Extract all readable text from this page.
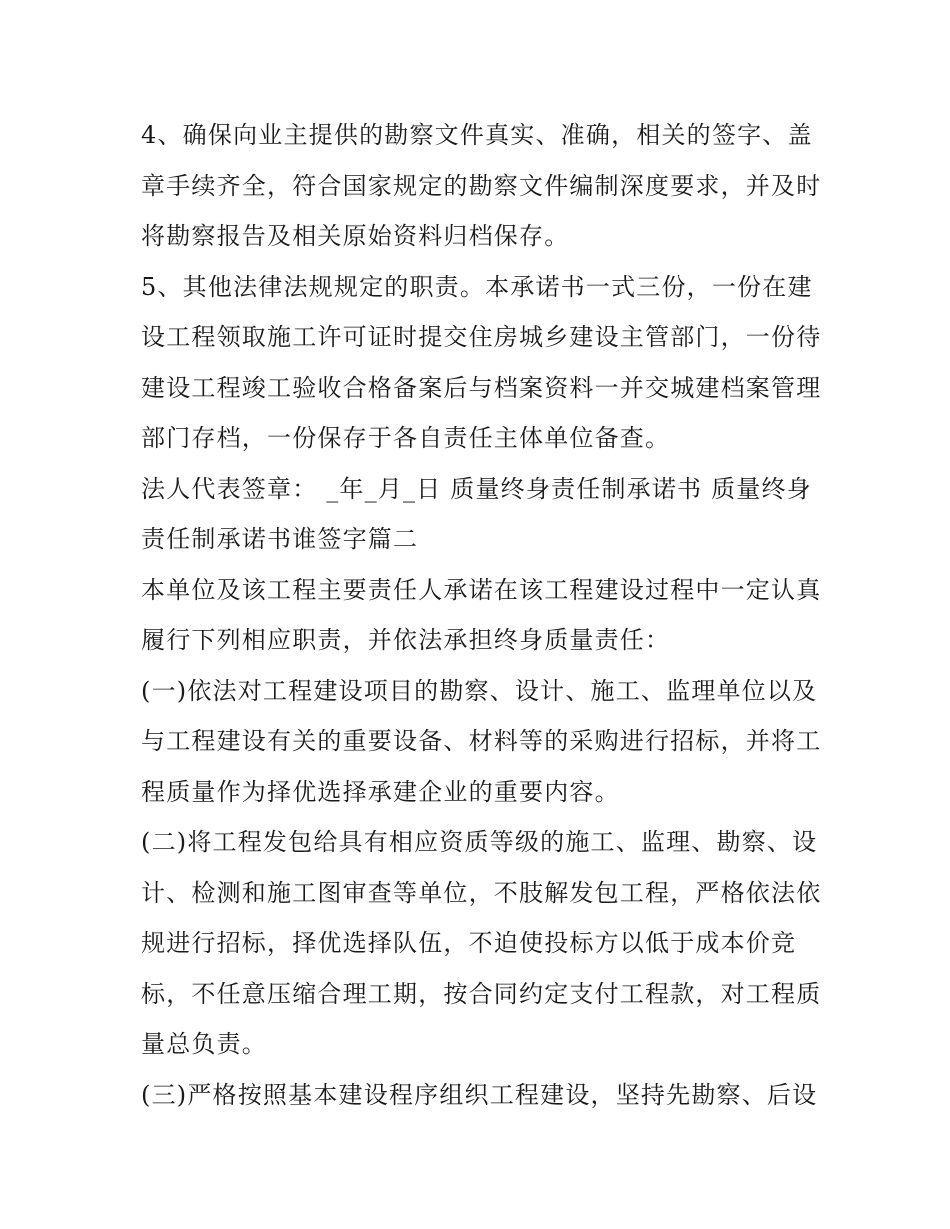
4、确保向业主提供的勘察文件真实、准确，相关的签字、盖
章手续齐全，符合国家规定的勘察文件编制深度要求，并及时
将勘察报告及相关原始资料归档保存。
5、其他法律法规规定的职责。本承诺书一式三份，一份在建
设工程领取施工许可证时提交住房城乡建设主管部门，一份待
建设工程竣工验收合格备案后与档案资料一并交城建档案管理
部门存档，一份保存于各自责任主体单位备查。
法人代表签章： _年_月_日 质量终身责任制承诺书 质量终身
责任制承诺书谁签字篇二
本单位及该工程主要责任人承诺在该工程建设过程中一定认真
履行下列相应职责，并依法承担终身质量责任：
(一)依法对工程建设项目的勘察、设计、施工、监理单位以及
与工程建设有关的重要设备、材料等的采购进行招标，并将工
程质量作为择优选择承建企业的重要内容。
(二)将工程发包给具有相应资质等级的施工、监理、勘察、设
计、检测和施工图审查等单位，不肢解发包工程，严格依法依
规进行招标，择优选择队伍，不迫使投标方以低于成本价竞
标，不任意压缩合理工期，按合同约定支付工程款，对工程质
量总负责。
(三)严格按照基本建设程序组织工程建设，坚持先勘察、后设
